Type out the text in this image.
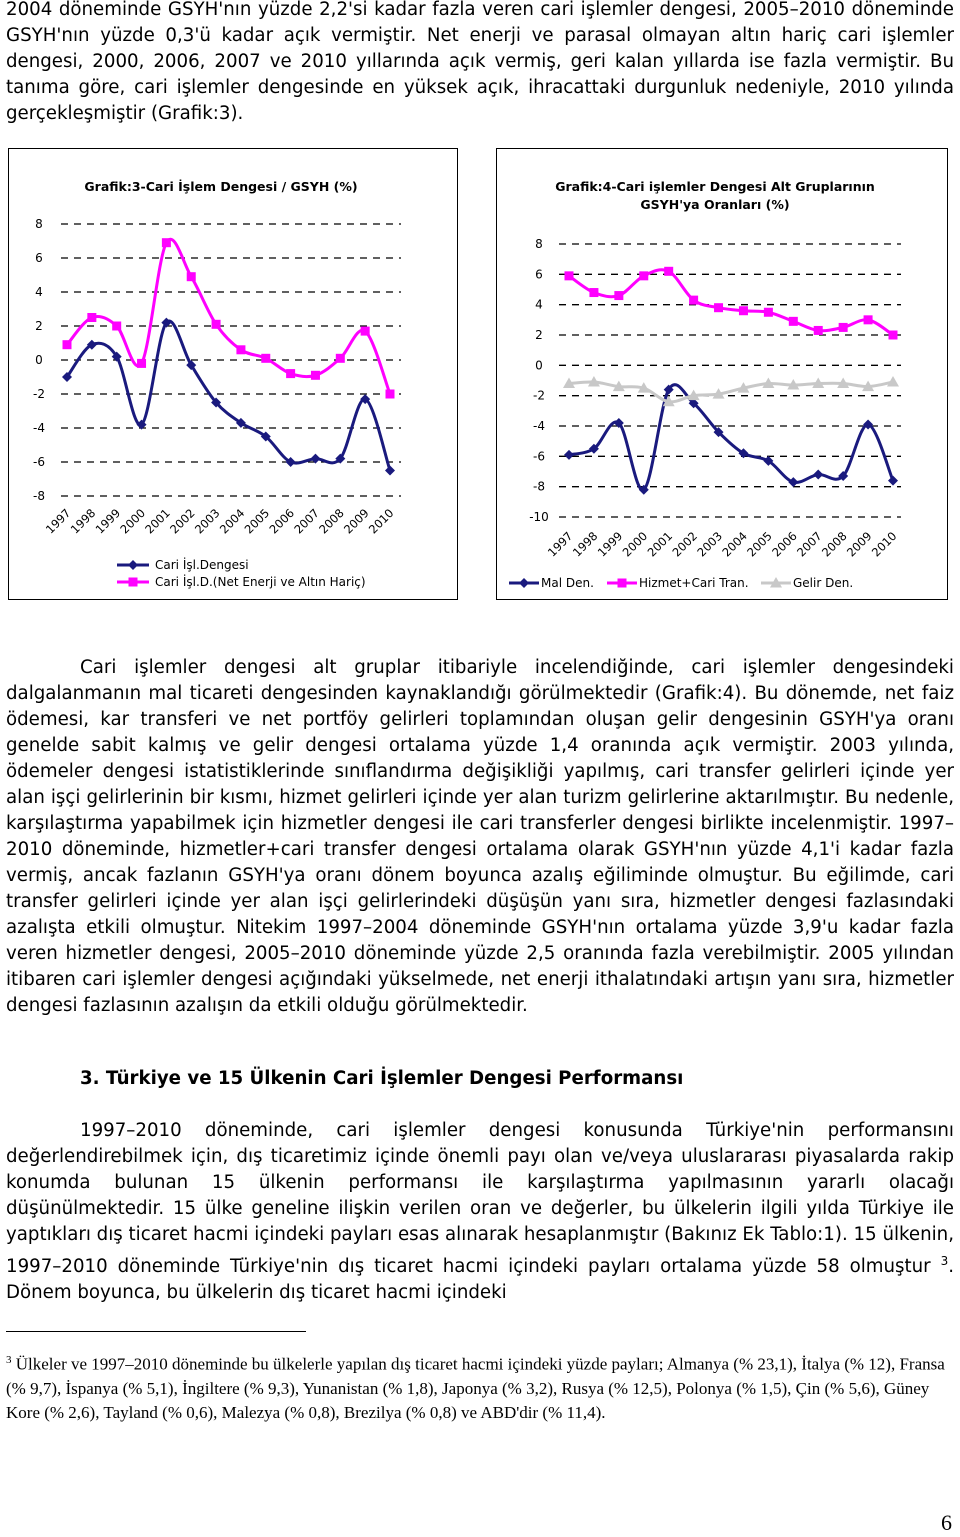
2004 döneminde GSYH'nın yüzde 2,2'si kadar fazla veren cari işlemler dengesi, 2005–2010 döneminde GSYH'nın yüzde 0,3'ü kadar açık vermiştir. Net enerji ve parasal olmayan altın hariç cari işlemler dengesi, 2000, 2006, 2007 ve 2010 yıllarında açık vermiş, geri kalan yıllarda ise fazla vermiştir. Bu tanıma göre, cari işlemler dengesinde en yüksek açık, ihracattaki durgunluk nedeniyle, 2010 yılında gerçekleşmiştir (Grafik:3).

Grafik:3-Cari İşlem Dengesi / GSYH (%)
8
6
4
2
0
-2
-4
-6
-8
1997
1998
1999
2000
2001
2002
2003
2004
2005
2006
2007
2008
2009
2010
Cari İşl.Dengesi
Cari İşl.D.(Net Enerji ve Altın Hariç)
Grafik:4-Cari işlemler Dengesi Alt Gruplarının
GSYH'ya Oranları (%)
8
6
4
2
0
-2
-4
-6
-8
-10
1997
1998
1999
2000
2001
2002
2003
2004
2005
2006
2007
2008
2009
2010
Mal Den.	Hizmet+Cari Tran.	Gelir Den.

Cari işlemler dengesi alt gruplar itibariyle incelendiğinde, cari işlemler dengesindeki dalgalanmanın mal ticareti dengesinden kaynaklandığı görülmektedir (Grafik:4). Bu dönemde, net faiz ödemesi, kar transferi ve net portföy gelirleri toplamından oluşan gelir dengesinin GSYH'ya oranı genelde sabit kalmış ve gelir dengesi ortalama yüzde 1,4 oranında açık vermiştir. 2003 yılında, ödemeler dengesi istatistiklerinde sınıflandırma değişikliği yapılmış, cari transfer gelirleri içinde yer alan işçi gelirlerinin bir kısmı, hizmet gelirleri içinde yer alan turizm gelirlerine aktarılmıştır. Bu nedenle, karşılaştırma yapabilmek için hizmetler dengesi ile cari transferler dengesi birlikte incelenmiştir. 1997–2010 döneminde, hizmetler+cari transfer dengesi ortalama olarak GSYH'nın yüzde 4,1'i kadar fazla vermiş, ancak fazlanın GSYH'ya oranı dönem boyunca azalış eğiliminde olmuştur. Bu eğilimde, cari transfer gelirleri içinde yer alan işçi gelirlerindeki düşüşün yanı sıra, hizmetler dengesi fazlasındaki azalışta etkili olmuştur. Nitekim 1997–2004 döneminde GSYH'nın ortalama yüzde 3,9'u kadar fazla veren hizmetler dengesi, 2005–2010 döneminde yüzde 2,5 oranında fazla verebilmiştir. 2005 yılından itibaren cari işlemler dengesi açığındaki yükselmede, net enerji ithalatındaki artışın yanı sıra, hizmetler dengesi fazlasının azalışın da etkili olduğu görülmektedir.

3. Türkiye ve 15 Ülkenin Cari İşlemler Dengesi Performansı

1997–2010 döneminde, cari işlemler dengesi konusunda Türkiye'nin performansını değerlendirebilmek için, dış ticaretimiz içinde önemli payı olan ve/veya uluslararası piyasalarda rakip konumda bulunan 15 ülkenin performansı ile karşılaştırma yapılmasının yararlı olacağı düşünülmektedir. 15 ülke geneline ilişkin verilen oran ve değerler, bu ülkelerin ilgili yılda Türkiye ile yaptıkları dış ticaret hacmi içindeki payları esas alınarak hesaplanmıştır (Bakınız Ek Tablo:1). 15 ülkenin, 1997–2010 döneminde Türkiye'nin dış ticaret hacmi içindeki payları ortalama yüzde 58 olmuştur $^3$. Dönem boyunca, bu ülkelerin dış ticaret hacmi içindeki

$^3$ Ülkeler ve 1997–2010 döneminde bu ülkelerle yapılan dış ticaret hacmi içindeki yüzde payları; Almanya (% 23,1), İtalya (% 12), Fransa (% 9,7), İspanya (% 5,1), İngiltere (% 9,3), Yunanistan (% 1,8), Japonya (% 3,2), Rusya (% 12,5), Polonya (% 1,5), Çin (% 5,6), Güney Kore (% 2,6), Tayland (% 0,6), Malezya (% 0,8), Brezilya (% 0,8) ve ABD'dir (% 11,4).

6
